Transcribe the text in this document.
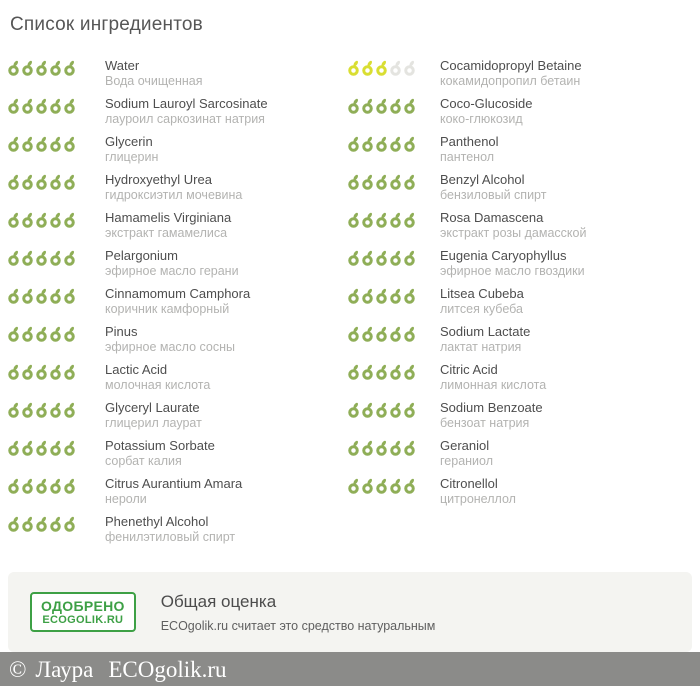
Список ингредиентов
Water
Вода очищенная
Sodium Lauroyl Sarcosinate
лауроил саркозинат натрия
Glycerin
глицерин
Hydroxyethyl Urea
гидроксиэтил мочевина
Hamamelis Virginiana
экстракт гамамелиса
Pelargonium
эфирное масло герани
Cinnamomum Camphora
коричник камфорный
Pinus
эфирное масло сосны
Lactic Acid
молочная кислота
Glyceryl Laurate
глицерил лаурат
Potassium Sorbate
сорбат калия
Citrus Aurantium Amara
нероли
Phenethyl Alcohol
фенилэтиловый спирт
Cocamidopropyl Betaine
кокамидопропил бетаин
Coco-Glucoside
коко-глюкозид
Panthenol
пантенол
Benzyl Alcohol
бензиловый спирт
Rosa Damascena
экстракт розы дамасской
Eugenia Caryophyllus
эфирное масло гвоздики
Litsea Cubeba
литсея кубеба
Sodium Lactate
лактат натрия
Citric Acid
лимонная кислота
Sodium Benzoate
бензоат натрия
Geraniol
гераниол
Citronellol
цитронеллол
ОДОБРЕНО
ECOGOLIK.RU
Общая оценка

ECOgolik.ru считает это средство натуральным

© Лаура ECOgolik.ru
